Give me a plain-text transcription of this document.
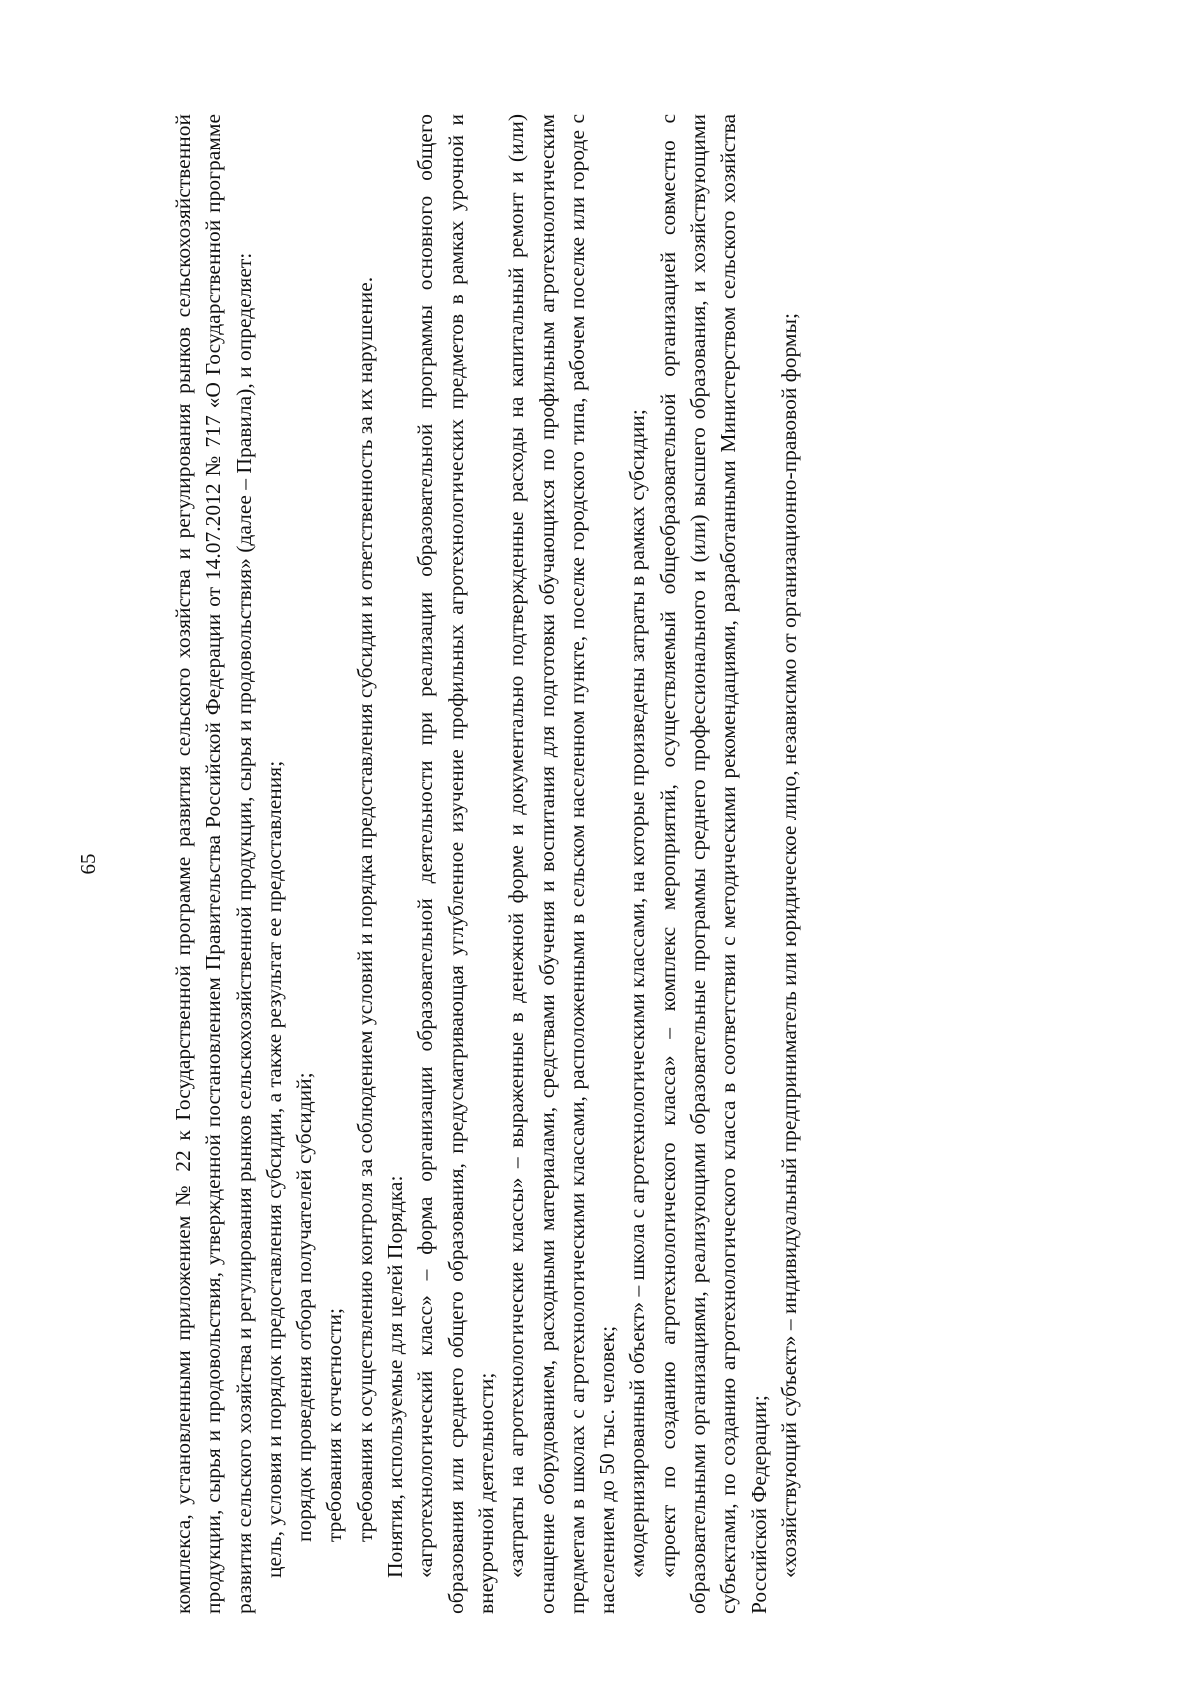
65	комплекса, установленными приложением № 22 к Государственной программе развития сельского хозяйства и регулирования рынков сельскохозяйственной продукции, сырья и продовольствия, утвержденной постановлением Правительства Российской Федерации от 14.07.2012 № 717 «О Государственной программе развития сельского хозяйства и регулирования рынков сельскохозяйственной продукции, сырья и продовольствия» (далее – Правила), и определяет: цель, условия и порядок предоставления субсидии, а также результат ее предоставления; порядок проведения отбора получателей субсидий; требования к отчетности; требования к осуществлению контроля за соблюдением условий и порядка предоставления субсидии и ответственность за их нарушение. Понятия, используемые для целей Порядка: «агротехнологический класс» – форма организации образовательной деятельности при реализации образовательной программы основного общего образования или среднего общего образования, предусматривающая углубленное изучение профильных агротехнологических предметов в рамках урочной и внеурочной деятельности; «затраты на агротехнологические классы» – выраженные в денежной форме и документально подтвержденные расходы на капитальный ремонт и (или) оснащение оборудованием, расходными материалами, средствами обучения и воспитания для подготовки обучающихся по профильным агротехнологическим предметам в школах с агротехнологическими классами, расположенными в сельском населенном пункте, поселке городского типа, рабочем поселке или городе с населением до 50 тыс. человек; «модернизированный объект» – школа с агротехнологическими классами, на которые произведены затраты в рамках субсидии; «проект по созданию агротехнологического класса» – комплекс мероприятий, осуществляемый общеобразовательной организацией совместно с образовательными организациями, реализующими образовательные программы среднего профессионального и (или) высшего образования, и хозяйствующими субъектами, по созданию агротехнологического класса в соответствии с методическими рекомендациями, разработанными Министерством сельского хозяйства Российской Федерации; «хозяйствующий субъект» – индивидуальный предприниматель или юридическое лицо, независимо от организационно-правовой формы;
